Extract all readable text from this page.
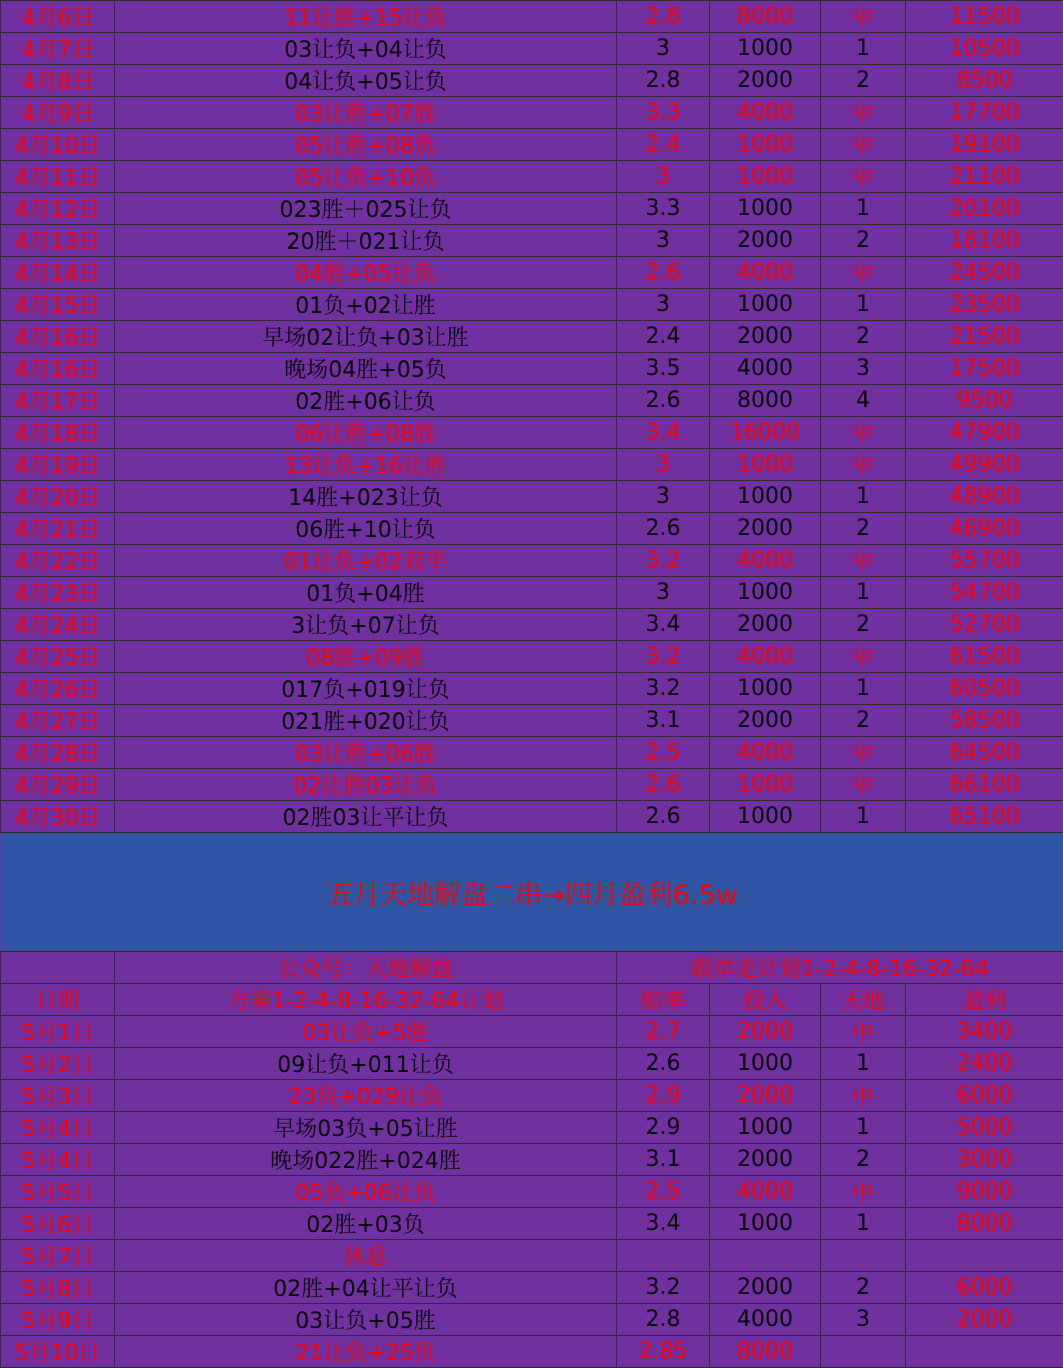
4月6日	11让胜+15让负	2.8	8000	中	11500
4月7日	03让负+04让负	3	1000	1	10500
4月8日	04让负+05让负	2.8	2000	2	8500
4月9日	03让胜+07胜	3.3	4000	中	17700
4月10日	05让胜+08负	2.4	1000	中	19100
4月11日	05让负+10负	3	1000	中	21100
4月12日	023胜＋025让负	3.3	1000	1	20100
4月13日	20胜＋021让负	3	2000	2	18100
4月14日	04胜+05让负	2.6	4000	中	24500
4月15日	01负+02让胜	3	1000	1	23500
4月16日	早场02让负+03让胜	2.4	2000	2	21500
4月16日	晚场04胜+05负	3.5	4000	3	17500
4月17日	02胜+06让负	2.6	8000	4	9500
4月18日	06让胜+08胜	3.4	16000	中	47900
4月19日	13让负+16让胜	3	1000	中	49900
4月20日	14胜+023让负	3	1000	1	48900
4月21日	06胜+10让负	2.6	2000	2	46900
4月22日	01让负+02双平	3.2	4000	中	55700
4月23日	01负+04胜	3	1000	1	54700
4月24日	3让负+07让负	3.4	2000	2	52700
4月25日	08胜+09胜	3.2	4000	中	61500
4月26日	017负+019让负	3.2	1000	1	60500
4月27日	021胜+020让负	3.1	2000	2	58500
4月28日	03让胜+06胜	2.5	4000	中	64500
4月29日	02让胜03让负	2.6	1000	中	66100
4月30日	02胜03让平让负	2.6	1000	1	65100
五月天地解盘二串→四月盈利6.5w					
	公众号：天地解盘	跟单走计划1-2-4-8-16-32-64			
日期	方案1-2-4-8-16-32-64计划	赔率	投入	天地	盈利
5月1日	03让负+5胜	2.7	2000	中	3400
5月2日	09让负+011让负	2.6	1000	1	2400
5月3日	23负+029让负	2.9	2000	中	6000
5月4日	早场03负+05让胜	2.9	1000	1	5000
5月4日	晚场022胜+024胜	3.1	2000	2	3000
5月5日	05负+06让负	2.5	4000	中	9000
5月6日	02胜+03负	3.4	1000	1	8000
5月7日	休息				
5月8日	02胜+04让平让负	3.2	2000	2	6000
5月9日	03让负+05胜	2.8	4000	3	2000
5月10日	21让负+25负	2.85	8000		
